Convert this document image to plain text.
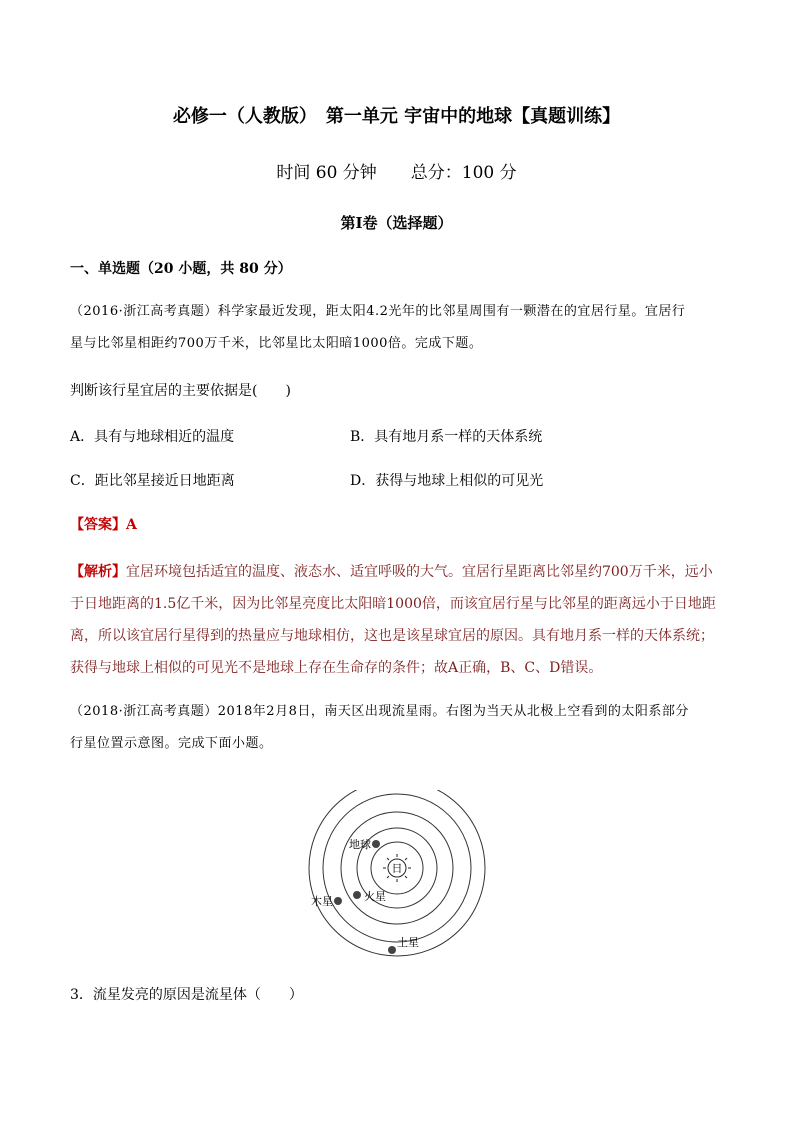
必修一（人教版）　第一单元 宇宙中的地球【真题训练】
时间 60 分钟　　总分：100 分
第Ⅰ卷（选择题）
一、单选题（20 小题，共 80 分）
（2016·浙江高考真题）科学家最近发现，距太阳4.2光年的比邻星周围有一颗潜在的宜居行星。宜居行
星与比邻星相距约700万千米，比邻星比太阳暗1000倍。完成下题。
判断该行星宜居的主要依据是(　　)
A．具有与地球相近的温度	B．具有地月系一样的天体系统
C．距比邻星接近日地距离	D．获得与地球上相似的可见光
【答案】A
【解析】宜居环境包括适宜的温度、液态水、适宜呼吸的大气。宜居行星距离比邻星约700万千米，远小于日地距离的1.5亿千米，因为比邻星亮度比太阳暗1000倍，而该宜居行星与比邻星的距离远小于日地距离，所以该宜居行星得到的热量应与地球相仿，这也是该星球宜居的原因。具有地月系一样的天体系统；获得与地球上相似的可见光不是地球上存在生命存的条件；故A正确，B、C、D错误。
（2018·浙江高考真题）2018年2月8日，南天区出现流星雨。右图为当天从北极上空看到的太阳系部分
行星位置示意图。完成下面小题。
日
地球
火星
木星
土星
3．流星发亮的原因是流星体（　　）
